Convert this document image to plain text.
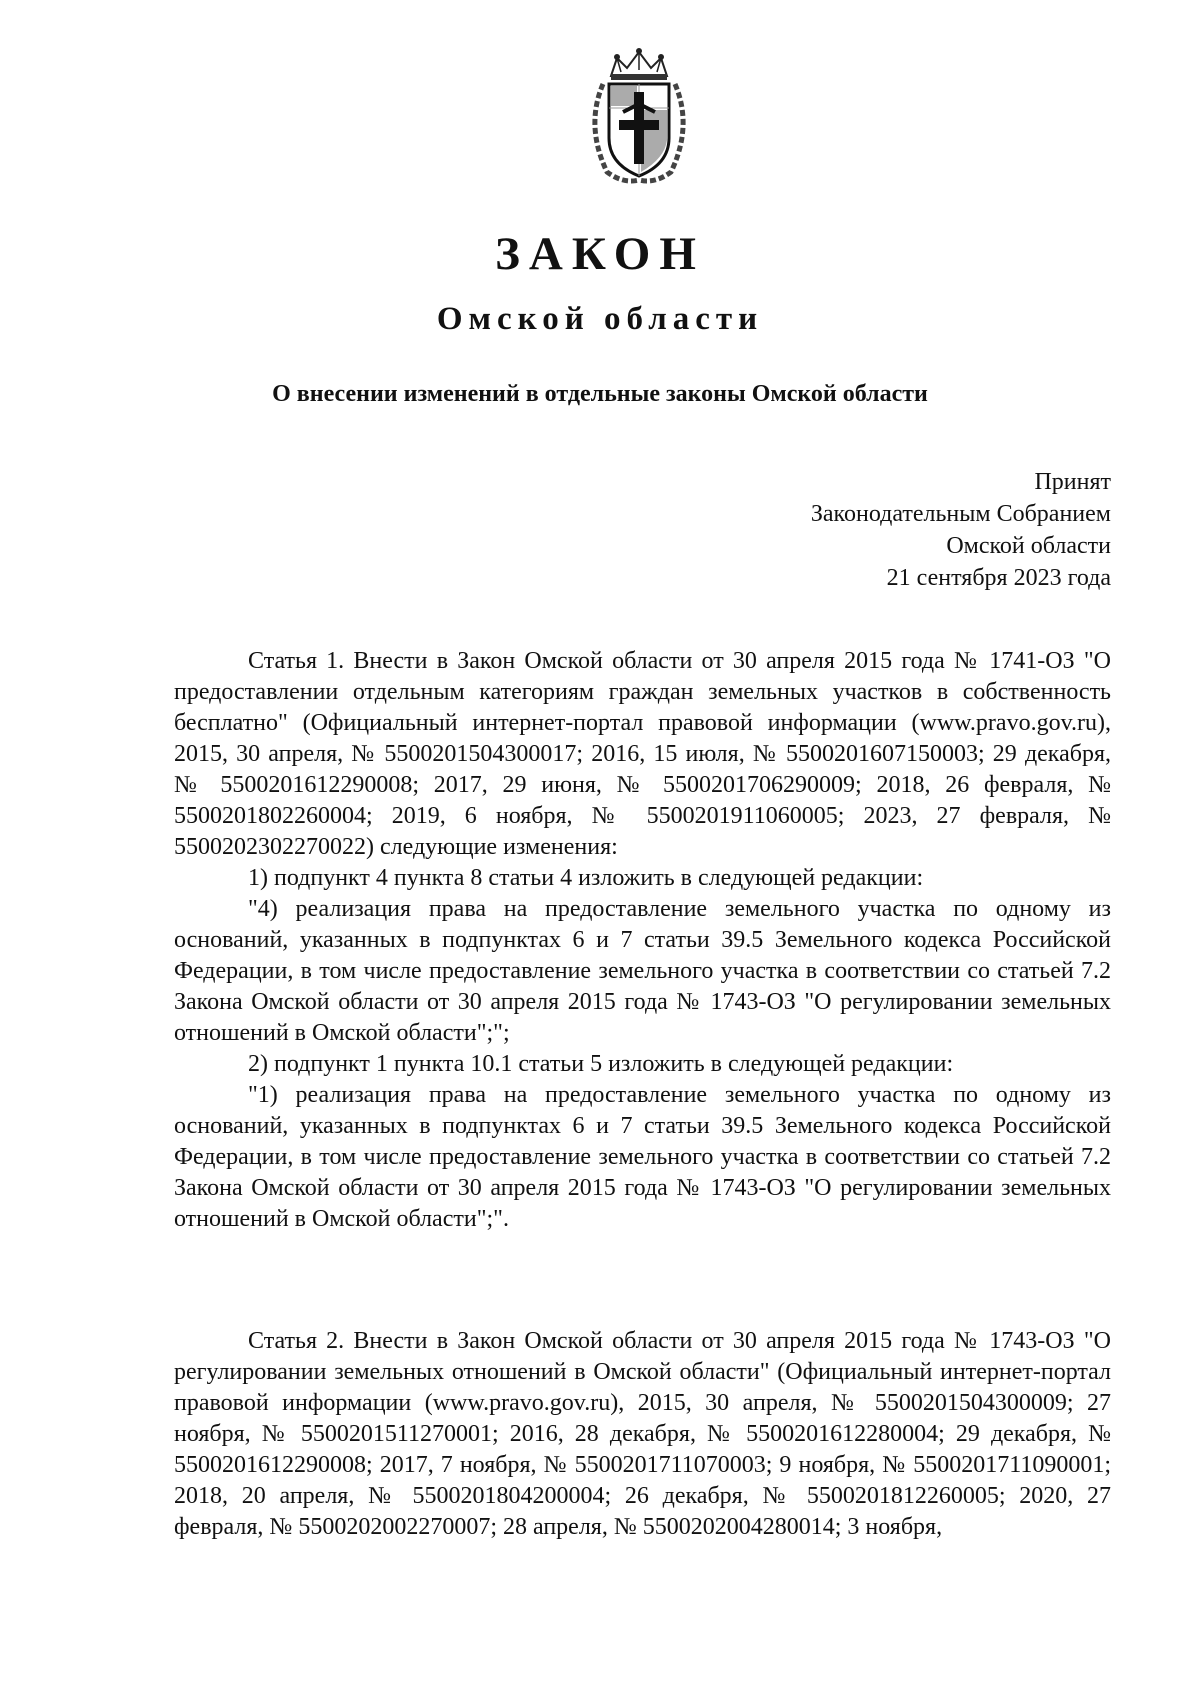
ЗАКОН
Омской области
О внесении изменений в отдельные законы Омской области
Принят
Законодательным Собранием
Омской области
21 сентября 2023 года

Статья 1. Внести в Закон Омской области от 30 апреля 2015 года № 1741-ОЗ "О предоставлении отдельным категориям граждан земельных участков в собственность бесплатно" (Официальный интернет-портал правовой информации (www.pravo.gov.ru), 2015, 30 апреля, № 5500201504300017; 2016, 15 июля, № 5500201607150003; 29 декабря, № 5500201612290008; 2017, 29 июня, № 5500201706290009; 2018, 26 февраля, № 5500201802260004; 2019, 6 ноября, № 5500201911060005; 2023, 27 февраля, № 5500202302270022) следующие изменения:

1) подпункт 4 пункта 8 статьи 4 изложить в следующей редакции:

"4) реализация права на предоставление земельного участка по одному из оснований, указанных в подпунктах 6 и 7 статьи 39.5 Земельного кодекса Российской Федерации, в том числе предоставление земельного участка в соответствии со статьей 7.2 Закона Омской области от 30 апреля 2015 года № 1743-ОЗ "О регулировании земельных отношений в Омской области";";

2) подпункт 1 пункта 10.1 статьи 5 изложить в следующей редакции:

"1) реализация права на предоставление земельного участка по одному из оснований, указанных в подпунктах 6 и 7 статьи 39.5 Земельного кодекса Российской Федерации, в том числе предоставление земельного участка в соответствии со статьей 7.2 Закона Омской области от 30 апреля 2015 года № 1743-ОЗ "О регулировании земельных отношений в Омской области";".

Статья 2. Внести в Закон Омской области от 30 апреля 2015 года № 1743-ОЗ "О регулировании земельных отношений в Омской области" (Официальный интернет-портал правовой информации (www.pravo.gov.ru), 2015, 30 апреля, № 5500201504300009; 27 ноября, № 5500201511270001; 2016, 28 декабря, № 5500201612280004; 29 декабря, № 5500201612290008; 2017, 7 ноября, № 5500201711070003; 9 ноября, № 5500201711090001; 2018, 20 апреля, № 5500201804200004; 26 декабря, № 5500201812260005; 2020, 27 февраля, № 5500202002270007; 28 апреля, № 5500202004280014; 3 ноября,
